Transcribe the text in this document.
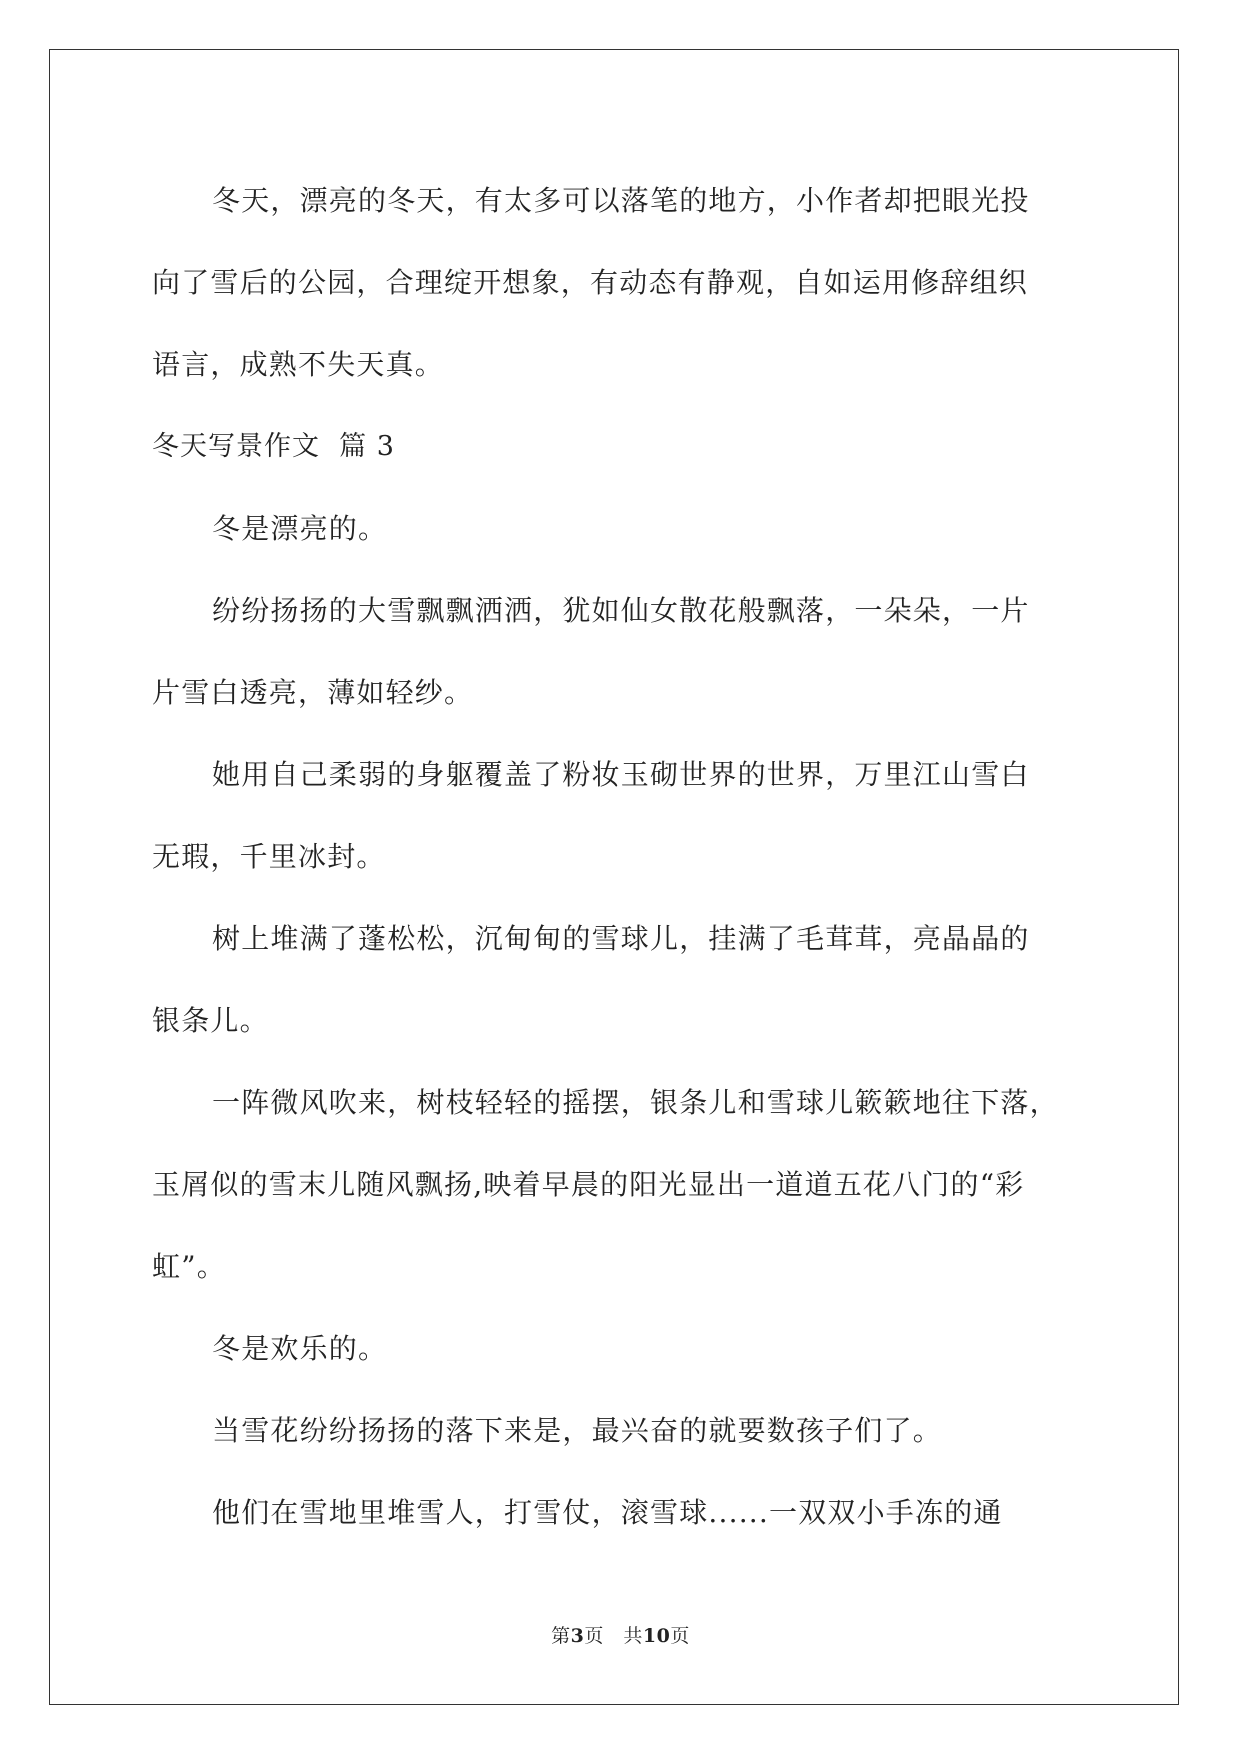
冬天，漂亮的冬天，有太多可以落笔的地方，小作者却把眼光投

向了雪后的公园，合理绽开想象，有动态有静观，自如运用修辞组织

语言，成熟不失天真。

冬天写景作文  篇 3

冬是漂亮的。

纷纷扬扬的大雪飘飘洒洒，犹如仙女散花般飘落，一朵朵，一片

片雪白透亮，薄如轻纱。

她用自己柔弱的身躯覆盖了粉妆玉砌世界的世界，万里江山雪白

无瑕，千里冰封。

树上堆满了蓬松松，沉甸甸的雪球儿，挂满了毛茸茸，亮晶晶的

银条儿。

一阵微风吹来，树枝轻轻的摇摆，银条儿和雪球儿簌簌地往下落，

玉屑似的雪末儿随风飘扬,映着早晨的阳光显出一道道五花八门的“彩

虹”。

冬是欢乐的。

当雪花纷纷扬扬的落下来是，最兴奋的就要数孩子们了。

他们在雪地里堆雪人，打雪仗，滚雪球......一双双小手冻的通

第3页　共10页
